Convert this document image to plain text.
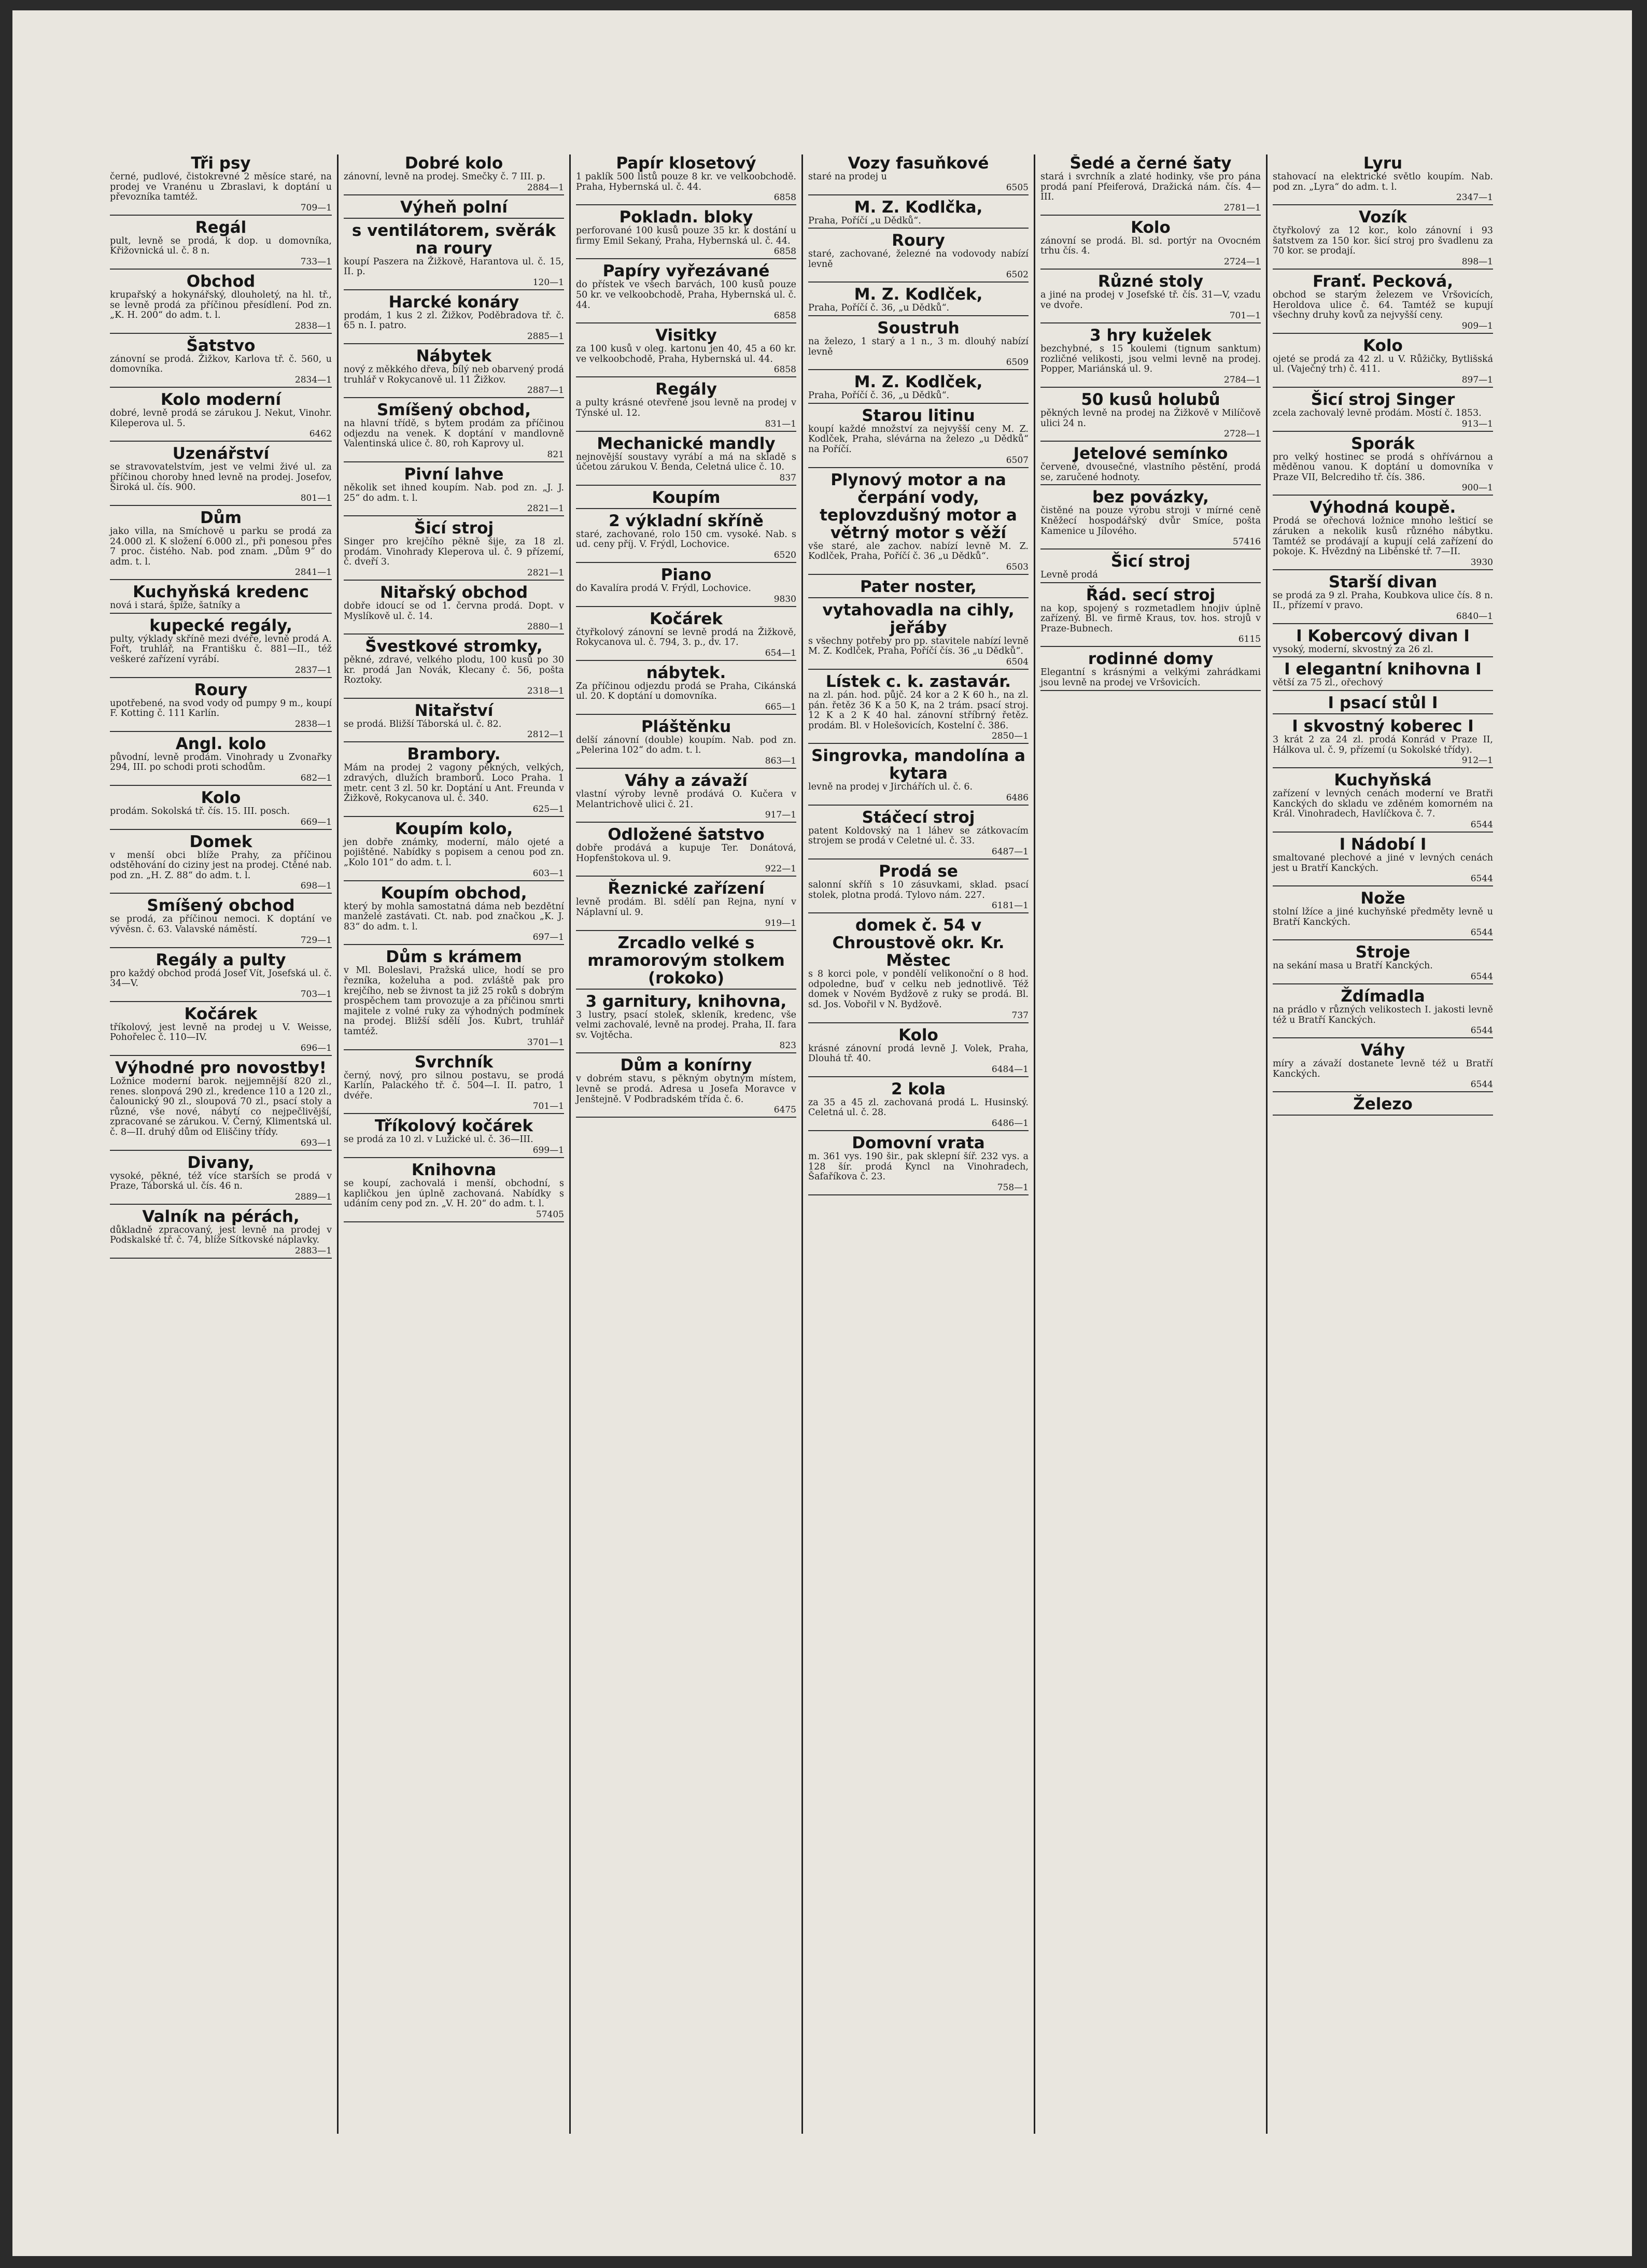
Tři psy

černé, pudlové, čistokrevné 2 měsíce staré, na prodej ve Vranénu u Zbraslavi, k doptání u převozníka tamtéž.

709—1
Regál

pult, levně se prodá, k dop. u domovníka, Křižovnická ul. č. 8 n.

733—1
Obchod

krupařský a hokynářský, dlouholetý, na hl. tř., se levně prodá za příčinou přesídlení. Pod zn. „K. H. 200“ do adm. t. l.

2838—1
Šatstvo

zánovní se prodá. Žižkov, Karlova tř. č. 560, u domovníka.

2834—1
Kolo moderní

dobré, levně prodá se zárukou J. Nekut, Vinohr. Kileperova ul. 5.

6462
Uzenářství

se stravovatelstvím, jest ve velmi živé ul. za příčinou choroby hned levně na prodej. Josefov, Široká ul. čís. 900.

801—1
Dům

jako villa, na Smíchově u parku se prodá za 24.000 zl. K složení 6.000 zl., při ponesou přes 7 proc. čistého. Nab. pod znam. „Dům 9“ do adm. t. l.

2841—1
Kuchyňská kredenc

nová i stará, špíže, šatníky a

kupecké regály,

pulty, výklady skříně mezi dvéře, levně prodá A. Fořt, truhlář, na Františku č. 881—II., též veškeré zařízení vyrábí.

2837—1
Roury

upotřebené, na svod vody od pumpy 9 m., koupí F. Kotting č. 111 Karlín.

2838—1
Angl. kolo

původní, levně prodám. Vinohrady u Zvonařky 294, III. po schodi proti schodům.

682—1
Kolo

prodám. Sokolská tř. čís. 15. III. posch.

669—1
Domek

v menší obci blíže Prahy, za příčinou odstěhování do ciziny jest na prodej. Ctěné nab. pod zn. „H. Z. 88“ do adm. t. l.

698—1
Smíšený obchod

se prodá, za příčinou nemoci. K doptání ve vývěsn. č. 63. Valavské náměstí.

729—1
Regály a pulty

pro každý obchod prodá Josef Vít, Josefská ul. č. 34—V.

703—1
Kočárek

tříkolový, jest levně na prodej u V. Weisse, Pohořelec č. 110—IV.

696—1
Výhodné pro novostby!

Ložnice moderní barok. nejjemnější 820 zl., renes. slonpová 290 zl., kredence 110 a 120 zl., čalounický 90 zl., sloupová 70 zl., psací stoly a různé, vše nové, nábytí co nejpečlivější, zpracované se zárukou. V. Černý, Klimentská ul. č. 8—II. druhý dům od Eliščiny třídy.

693—1
Divany,

vysoké, pěkné, též více starších se prodá v Praze, Táborská ul. čís. 46 n.

2889—1
Valník na pérách,

důkladně zpracovaný, jest levně na prodej v Podskalské tř. č. 74, blíže Sítkovské náplavky.

2883—1
Dobré kolo

zánovní, levně na prodej. Smečky č. 7 III. p.

2884—1
Výheň polní

s ventilátorem, svěrák na roury

koupí Paszera na Žižkově, Harantova ul. č. 15, II. p.

120—1
Harcké konáry

prodám, 1 kus 2 zl. Žižkov, Poděbradova tř. č. 65 n. I. patro.

2885—1
Nábytek

nový z měkkého dřeva, bílý neb obarvený prodá truhlář v Rokycanově ul. 11 Žižkov.

2887—1
Smíšený obchod,

na hlavní třídě, s bytem prodám za příčinou odjezdu na venek. K doptání v mandlovně Valentinská ulice č. 80, roh Kaprovy ul.

821
Pivní lahve

několik set ihned koupím. Nab. pod zn. „J. J. 25“ do adm. t. l.

2821—1
Šicí stroj

Singer pro krejčího pěkně šije, za 18 zl. prodám. Vinohrady Kleperova ul. č. 9 přízemí, č. dveří 3.

2821—1
Nitařský obchod

dobře idoucí se od 1. června prodá. Dopt. v Myslíkově ul. č. 14.

2880—1
Švestkové stromky,

pěkné, zdravé, velkého plodu, 100 kusů po 30 kr. prodá Jan Novák, Klecany č. 56, pošta Roztoky.

2318—1
Nitařství

se prodá. Bližší Táborská ul. č. 82.

2812—1
Brambory.

Mám na prodej 2 vagony pěkných, velkých, zdravých, dlužích bramborů. Loco Praha. 1 metr. cent 3 zl. 50 kr. Doptání u Ant. Freunda v Žižkově, Rokycanova ul. č. 340.

625—1
Koupím kolo,

jen dobře známky, moderní, málo ojeté a pojištěné. Nabídky s popisem a cenou pod zn. „Kolo 101“ do adm. t. l.

603—1
Koupím obchod,

který by mohla samostatná dáma neb bezdětní manželé zastávati. Ct. nab. pod značkou „K. J. 83“ do adm. t. l.

697—1
Dům s krámem

v Ml. Boleslavi, Pražská ulice, hodí se pro řezníka, koželuha a pod. zvláště pak pro krejčího, neb se živnost ta již 25 roků s dobrým prospěchem tam provozuje a za příčinou smrti majitele z volné ruky za výhodných podmínek na prodej. Bližší sdělí Jos. Kubrt, truhlář tamtéž.

3701—1
Svrchník

černý, nový, pro silnou postavu, se prodá Karlín, Palackého tř. č. 504—I. II. patro, 1 dvéře.

701—1
Tříkolový kočárek

se prodá za 10 zl. v Lužické ul. č. 36—III.

699—1
Knihovna

se koupí, zachovalá i menší, obchodní, s kapličkou jen úplně zachovaná. Nabídky s udáním ceny pod zn. „V. H. 20“ do adm. t. l.

57405
Papír klosetový

1 paklík 500 listů pouze 8 kr. ve velkoobchodě. Praha, Hybernská ul. č. 44.

6858
Pokladn. bloky

perforované 100 kusů pouze 35 kr. k dostání u firmy Emil Sekaný, Praha, Hybernská ul. č. 44.

6858
Papíry vyřezávané

do přístek ve všech barvách, 100 kusů pouze 50 kr. ve velkoobchodě, Praha, Hybernská ul. č. 44.

6858
Visitky

za 100 kusů v oleg. kartonu jen 40, 45 a 60 kr. ve velkoobchodě, Praha, Hybernská ul. 44.

6858
Regály

a pulty krásné otevřené jsou levně na prodej v Týnské ul. 12.

831—1
Mechanické mandly

nejnovější soustavy vyrábí a má na skladě s účetou zárukou V. Benda, Celetná ulice č. 10.

837
Koupím

2 výkladní skříně

staré, zachované, rolo 150 cm. vysoké. Nab. s ud. ceny příj. V. Frýdl, Lochovice.

6520
Piano

do Kavalíra prodá V. Frýdl, Lochovice.

9830
Kočárek

čtyřkolový zánovní se levně prodá na Žižkově, Rokycanova ul. č. 794, 3. p., dv. 17.

654—1
nábytek.

Za příčinou odjezdu prodá se Praha, Cikánská ul. 20. K doptání u domovníka.

665—1
Pláštěnku

delší zánovní (double) koupím. Nab. pod zn. „Pelerina 102“ do adm. t. l.

863—1
Váhy a závaží

vlastní výroby levně prodává O. Kučera v Melantrichově ulici č. 21.

917—1
Odložené šatstvo

dobře prodává a kupuje Ter. Donátová, Hopfenštokova ul. 9.

922—1
Řeznické zařízení

levně prodám. Bl. sdělí pan Rejna, nyní v Náplavní ul. 9.

919—1
Zrcadlo velké s mramorovým stolkem (rokoko)

3 garnitury, knihovna,

3 lustry, psací stolek, skleník, kredenc, vše velmi zachovalé, levně na prodej. Praha, II. fara sv. Vojtěcha.

823
Dům a konírny

v dobrém stavu, s pěkným obytným místem, levně se prodá. Adresa u Josefa Moravce v Jenštejně. V Podbradském třída č. 6.

6475
Vozy fasuňkové

staré na prodej u

6505
M. Z. Kodlčka,

Praha, Poříčí „u Dědků“.

Roury

staré, zachované, železné na vodovody nabízí levně

6502
M. Z. Kodlček,

Praha, Poříčí č. 36, „u Dědků“.

Soustruh

na železo, 1 starý a 1 n., 3 m. dlouhý nabízí levně

6509
M. Z. Kodlček,

Praha, Poříčí č. 36, „u Dědků“.

Starou litinu

koupí každé množství za nejvyšší ceny M. Z. Kodlček, Praha, slévárna na železo „u Dědků“ na Poříčí.

6507
Plynový motor a na čerpání vody, teplovzdušný motor a větrný motor s věží

vše staré, ale zachov. nabízí levně M. Z. Kodlček, Praha, Poříčí č. 36 „u Dědků“.

6503
Pater noster,

vytahovadla na cihly, jeřáby

s všechny potřeby pro pp. stavitele nabízí levně M. Z. Kodlček, Praha, Poříčí čís. 36 „u Dědků“.

6504
Lístek c. k. zastavár.

na zl. pán. hod. půjč. 24 kor a 2 K 60 h., na zl. pán. řetěz 36 K a 50 K, na 2 trám. psací stroj. 12 K a 2 K 40 hal. zánovní stříbrný řetěz. prodám. Bl. v Holešovicích, Kostelní č. 386.

2850—1
Singrovka, mandolína a kytara

levně na prodej v Jirchářích ul. č. 6.

6486
Stáčecí stroj

patent Koldovský na 1 láhev se zátkovacím strojem se prodá v Celetné ul. č. 33.

6487—1
Prodá se

salonní skříň s 10 zásuvkami, sklad. psací stolek, plotna prodá. Tylovo nám. 227.

6181—1
domek č. 54 v Chroustově okr. Kr. Městec

s 8 korci pole, v pondělí velikonoční o 8 hod. odpoledne, buď v celku neb jednotlivě. Též domek v Novém Bydžově z ruky se prodá. Bl. sd. Jos. Vobořil v N. Bydžově.

737
Kolo

krásné zánovní prodá levně J. Volek, Praha, Dlouhá tř. 40.

6484—1
2 kola

za 35 a 45 zl. zachovaná prodá L. Husinský. Celetná ul. č. 28.

6486—1
Domovní vrata

m. 361 vys. 190 šir., pak sklepní šíř. 232 vys. a 128 šír. prodá Kyncl na Vinohradech, Šafaříkova č. 23.

758—1
Šedé a černé šaty

stará i svrchník a zlaté hodinky, vše pro pána prodá paní Pfeiferová, Dražická nám. čís. 4—III.

2781—1
Kolo

zánovní se prodá. Bl. sd. portýr na Ovocném trhu čís. 4.

2724—1
Různé stoly

a jiné na prodej v Josefské tř. čís. 31—V, vzadu ve dvoře.

701—1
3 hry kuželek

bezchybné, s 15 koulemi (tignum sanktum) rozličné velikosti, jsou velmi levně na prodej. Popper, Mariánská ul. 9.

2784—1
50 kusů holubů

pěkných levně na prodej na Žižkově v Milíčově ulici 24 n.

2728—1
Jetelové semínko

červené, dvousečné, vlastního pěstění, prodá se, zaručené hodnoty.

bez povázky,

čistěné na pouze výrobu stroji v mírné ceně Kněžecí hospodářský dvůr Smíce, pošta Kamenice u Jílového.

57416
Šicí stroj

Levně prodá

Řád. secí stroj

na kop, spojený s rozmetadlem hnojiv úplně zařízený. Bl. ve firmě Kraus, tov. hos. strojů v Praze-Bubnech.

6115
rodinné domy

Elegantní s krásnými a velkými zahrádkami jsou levně na prodej ve Vršovicích.

Lyru

stahovací na elektrické světlo koupím. Nab. pod zn. „Lyra“ do adm. t. l.

2347—1
Vozík

čtyřkolový za 12 kor., kolo zánovní i 93 šatstvem za 150 kor. šicí stroj pro švadlenu za 70 kor. se prodají.

898—1
Franť. Pecková,

obchod se starým železem ve Vršovicích, Heroldova ulice č. 64. Tamtéž se kupují všechny druhy kovů za nejvyšší ceny.

909—1
Kolo

ojeté se prodá za 42 zl. u V. Růžičky, Bytlišská ul. (Vaječný trh) č. 411.

897—1
Šicí stroj Singer

zcela zachovalý levně prodám. Mostí č. 1853.

913—1
Sporák

pro velký hostinec se prodá s ohřívárnou a měděnou vanou. K doptání u domovníka v Praze VII, Belcrediho tř. čís. 386.

900—1
Výhodná koupě.

Prodá se ořechová ložnice mnoho lešticí se záruken a nekolik kusů různého nábytku. Tamtéž se prodávají a kupují celá zařízení do pokoje. K. Hvězdný na Liběnské tř. 7—II.

3930
Starší divan

se prodá za 9 zl. Praha, Koubkova ulice čís. 8 n. II., přízemí v pravo.

6840—1
I Kobercový divan I

vysoký, moderní, skvostný za 26 zl.

I elegantní knihovna I

větší za 75 zl., ořechový

I psací stůl I

I skvostný koberec I

3 krát 2 za 24 zl. prodá Konrád v Praze II, Hálkova ul. č. 9, přízemí (u Sokolské třídy).

912—1
Kuchyňská

zařízení v levných cenách moderní ve Bratři Kanckých do skladu ve zděném komorném na Král. Vinohradech, Havlíčkova č. 7.

6544
I Nádobí I

smaltované plechové a jiné v levných cenách jest u Bratří Kanckých.

6544
Nože

stolní lžíce a jiné kuchyňské předměty levně u Bratří Kanckých.

6544
Stroje

na sekání masa u Bratří Kanckých.

6544
Ždímadla

na prádlo v různých velikostech I. jakosti levně též u Bratří Kanckých.

6544
Váhy

míry a závaží dostanete levně též u Bratří Kanckých.

6544
Železo
